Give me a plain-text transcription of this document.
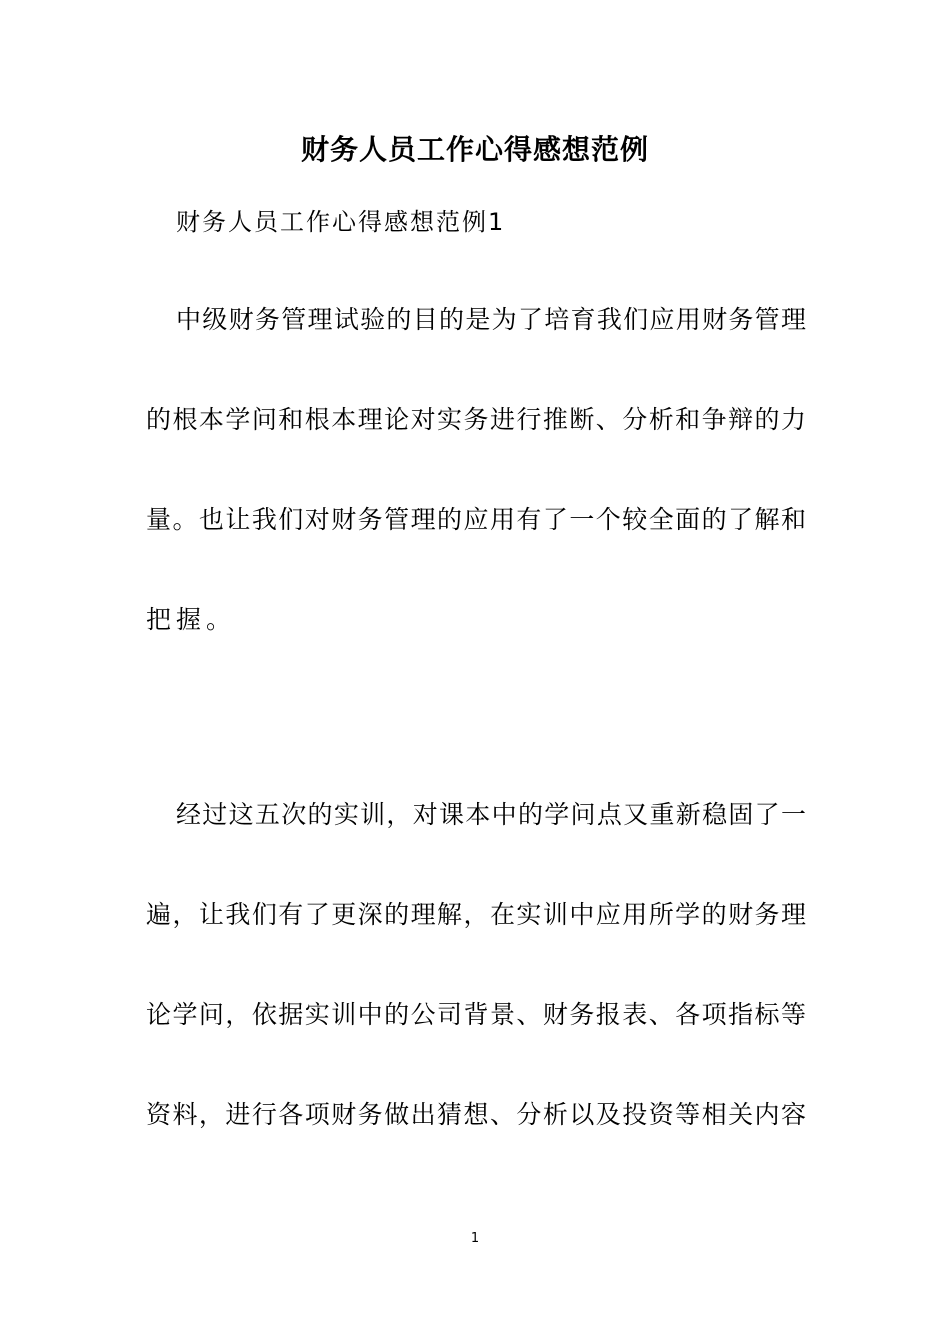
财务人员工作心得感想范例
财务人员工作心得感想范例1
中级财务管理试验的目的是为了培育我们应用财务管理
的根本学问和根本理论对实务进行推断、分析和争辩的力
量。也让我们对财务管理的应用有了一个较全面的了解和
把握。
经过这五次的实训，对课本中的学问点又重新稳固了一
遍，让我们有了更深的理解，在实训中应用所学的财务理
论学问，依据实训中的公司背景、财务报表、各项指标等
资料，进行各项财务做出猜想、分析以及投资等相关内容
1
